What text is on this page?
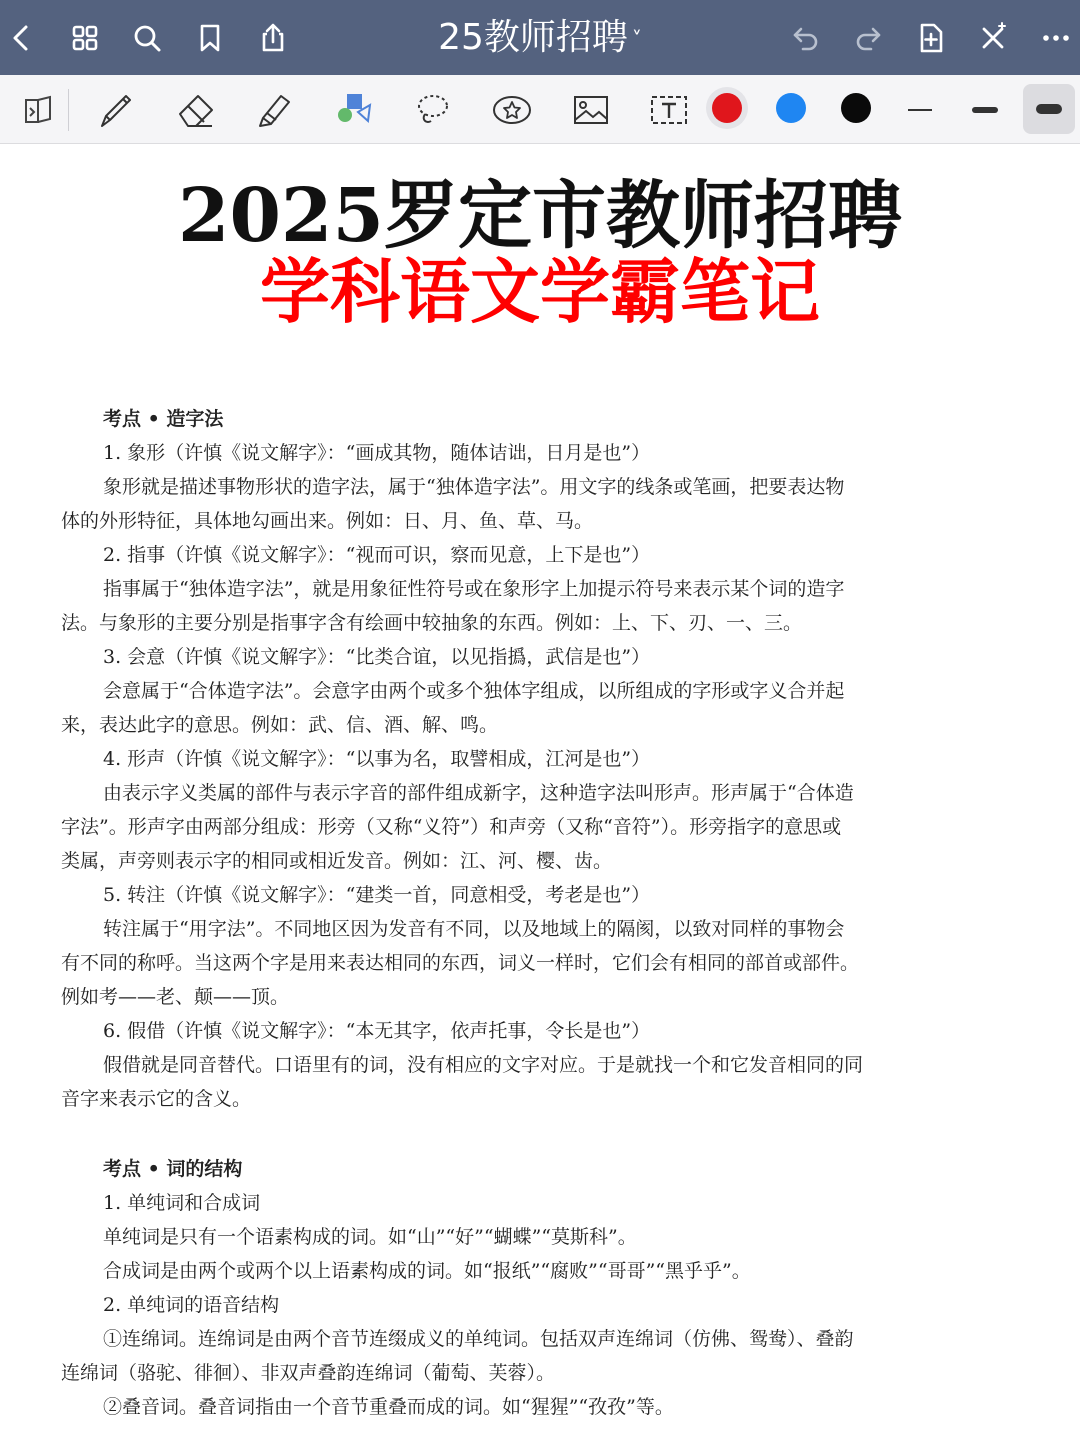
25教师招聘 ˅
2025罗定市教师招聘
学科语文学霸笔记
考点 • 造字法
1. 象形（许慎《说文解字》：“画成其物，随体诘诎，日月是也”）
象形就是描述事物形状的造字法，属于“独体造字法”。用文字的线条或笔画，把要表达物
体的外形特征，具体地勾画出来。例如：日、月、鱼、草、马。
2. 指事（许慎《说文解字》：“视而可识，察而见意，上下是也”）
指事属于“独体造字法”，就是用象征性符号或在象形字上加提示符号来表示某个词的造字
法。与象形的主要分别是指事字含有绘画中较抽象的东西。例如：上、下、刃、一、三。
3. 会意（许慎《说文解字》：“比类合谊，以见指撝，武信是也”）
会意属于“合体造字法”。会意字由两个或多个独体字组成，以所组成的字形或字义合并起
来，表达此字的意思。例如：武、信、酒、解、鸣。
4. 形声（许慎《说文解字》：“以事为名，取譬相成，江河是也”）
由表示字义类属的部件与表示字音的部件组成新字，这种造字法叫形声。形声属于“合体造
字法”。形声字由两部分组成：形旁（又称“义符”）和声旁（又称“音符”）。形旁指字的意思或
类属，声旁则表示字的相同或相近发音。例如：江、河、樱、齿。
5. 转注（许慎《说文解字》：“建类一首，同意相受，考老是也”）
转注属于“用字法”。不同地区因为发音有不同，以及地域上的隔阂，以致对同样的事物会
有不同的称呼。当这两个字是用来表达相同的东西，词义一样时，它们会有相同的部首或部件。
例如考——老、颠——顶。
6. 假借（许慎《说文解字》：“本无其字，依声托事，令长是也”）
假借就是同音替代。口语里有的词，没有相应的文字对应。于是就找一个和它发音相同的同
音字来表示它的含义。
考点 • 词的结构
1. 单纯词和合成词
单纯词是只有一个语素构成的词。如“山”“好”“蝴蝶”“莫斯科”。
合成词是由两个或两个以上语素构成的词。如“报纸”“腐败”“哥哥”“黑乎乎”。
2. 单纯词的语音结构
①连绵词。连绵词是由两个音节连缀成义的单纯词。包括双声连绵词（仿佛、鸳鸯）、叠韵
连绵词（骆驼、徘徊）、非双声叠韵连绵词（葡萄、芙蓉）。
②叠音词。叠音词指由一个音节重叠而成的词。如“猩猩”“孜孜”等。
